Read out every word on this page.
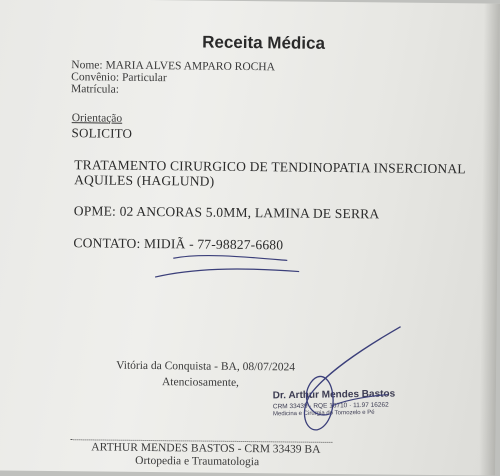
Receita Médica
Nome: MARIA ALVES AMPARO ROCHA
Convênio: Particular
Matrícula:
Orientação
SOLICITO
TRATAMENTO CIRURGICO DE TENDINOPATIA INSERCIONAL
AQUILES (HAGLUND)
OPME: 02 ANCORAS 5.0MM, LAMINA DE SERRA
CONTATO: MIDIÃ - 77-98827-6680
Vitória da Conquista - BA, 08/07/2024
Atenciosamente,
Dr. Arthur Mendes Bastos
CRM 33439 · RQE 16710 · 11.97 16262
Medicina e Cirurgia do Tornozelo e Pé
ARTHUR MENDES BASTOS - CRM 33439 BA
Ortopedia e Traumatologia
